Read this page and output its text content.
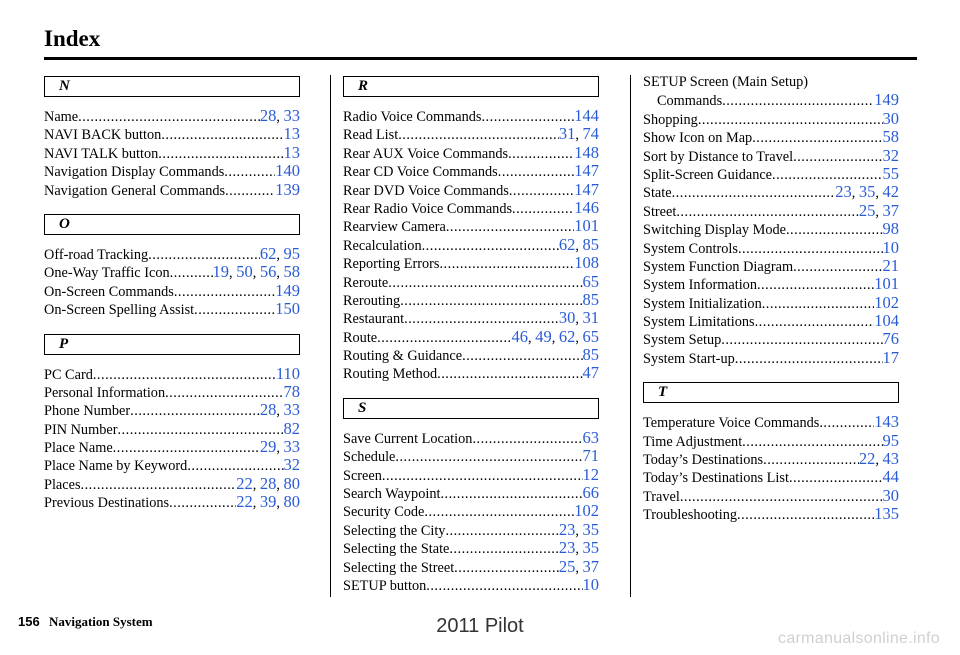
Index
N
Name .....	28, 33
NAVI BACK button .....	13
NAVI TALK button .....	13
Navigation Display Commands .....	140
Navigation General Commands .....	139
O
Off-road Tracking .....	62, 95
One-Way Traffic Icon .....	19, 50, 56, 58
On-Screen Commands .....	149
On-Screen Spelling Assist .....	150
P
PC Card .....	110
Personal Information .....	78
Phone Number .....	28, 33
PIN Number .....	82
Place Name .....	29, 33
Place Name by Keyword .....	32
Places .....	22, 28, 80
Previous Destinations .....	22, 39, 80
R
Radio Voice Commands .....	144
Read List .....	31, 74
Rear AUX Voice Commands .....	148
Rear CD Voice Commands .....	147
Rear DVD Voice Commands .....	147
Rear Radio Voice Commands .....	146
Rearview Camera .....	101
Recalculation .....	62, 85
Reporting Errors .....	108
Reroute .....	65
Rerouting .....	85
Restaurant .....	30, 31
Route .....	46, 49, 62, 65
Routing & Guidance .....	85
Routing Method .....	47
S
Save Current Location .....	63
Schedule .....	71
Screen .....	12
Search Waypoint .....	66
Security Code .....	102
Selecting the City .....	23, 35
Selecting the State .....	23, 35
Selecting the Street .....	25, 37
SETUP button .....	10
SETUP Screen (Main Setup)
Commands .....	149
Shopping .....	30
Show Icon on Map .....	58
Sort by Distance to Travel .....	32
Split-Screen Guidance .....	55
State .....	23, 35, 42
Street .....	25, 37
Switching Display Mode .....	98
System Controls .....	10
System Function Diagram .....	21
System Information .....	101
System Initialization .....	102
System Limitations .....	104
System Setup .....	76
System Start-up .....	17
T
Temperature Voice Commands .....	143
Time Adjustment .....	95
Today’s Destinations .....	22, 43
Today’s Destinations List .....	44
Travel .....	30
Troubleshooting .....	135
156 Navigation System	2011 Pilot
carmanualsonline.info
